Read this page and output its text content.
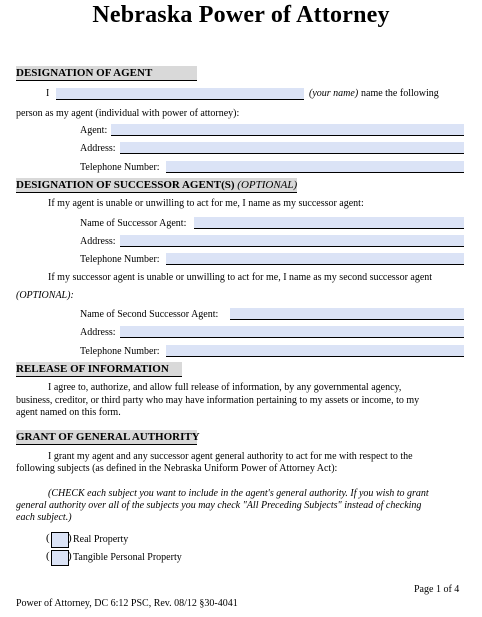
Nebraska Power of Attorney
DESIGNATION OF AGENT
I	(your name) name the following
person as my agent (individual with power of attorney):
Agent:
Address:
Telephone Number:
DESIGNATION OF SUCCESSOR AGENT(S) (OPTIONAL)
If my agent is unable or unwilling to act for me, I name as my successor agent:
Name of Successor Agent:
Address:
Telephone Number:
If my successor agent is unable or unwilling to act for me, I name as my second successor agent
(OPTIONAL):
Name of Second Successor Agent:
Address:
Telephone Number:
RELEASE OF INFORMATION
I agree to, authorize, and allow full release of information, by any governmental agency,
business, creditor, or third party who may have information pertaining to my assets or income, to my
agent named on this form.
GRANT OF GENERAL AUTHORITY
I grant my agent and any successor agent general authority to act for me with respect to the
following subjects (as defined in the Nebraska Uniform Power of Attorney Act):
(CHECK each subject you want to include in the agent's general authority. If you wish to grant
general authority over all of the subjects you may check "All Preceding Subjects" instead of checking
each subject.)
( ) Real Property
( ) Tangible Personal Property
Page 1 of 4
Power of Attorney, DC 6:12 PSC, Rev. 08/12 §30-4041
